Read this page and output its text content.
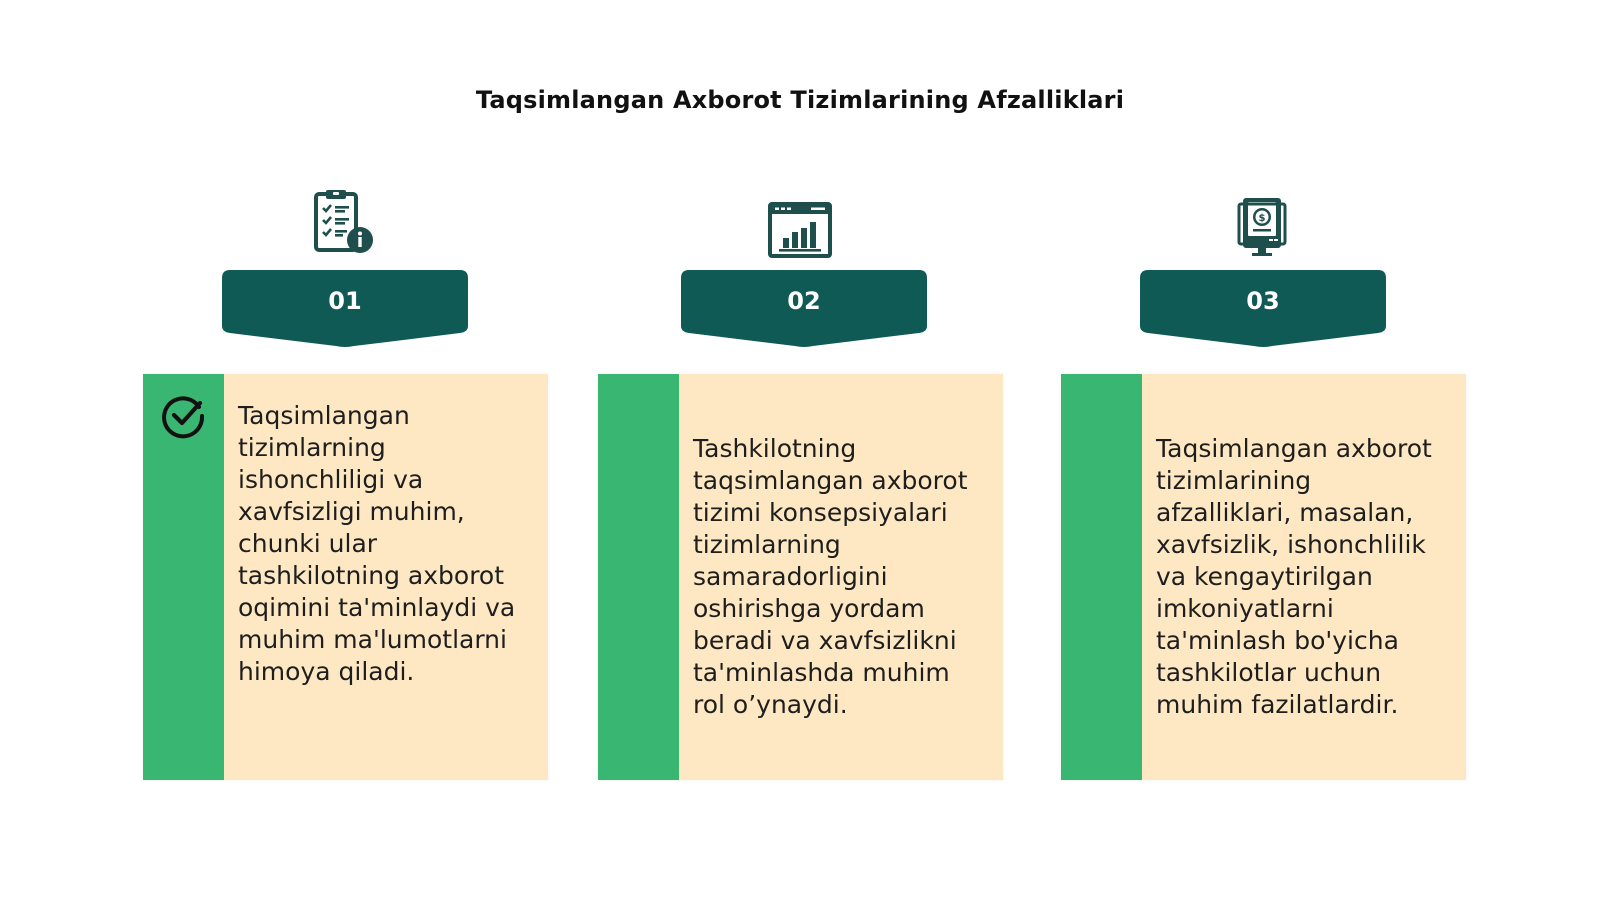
Taqsimlangan Axborot Tizimlarining Afzalliklari
01
Taqsimlangan tizimlarning ishonchliligi va xavfsizligi muhim, chunki ular tashkilotning axborot oqimini ta'minlaydi va muhim ma'lumotlarni himoya qiladi.
02
Tashkilotning taqsimlangan axborot tizimi konsepsiyalari tizimlarning samaradorligini oshirishga yordam beradi va xavfsizlikni ta'minlashda muhim rol o’ynaydi.
$
03
Taqsimlangan axborot tizimlarining afzalliklari, masalan, xavfsizlik, ishonchlilik va kengaytirilgan imkoniyatlarni ta'minlash bo'yicha tashkilotlar uchun muhim fazilatlardir.
